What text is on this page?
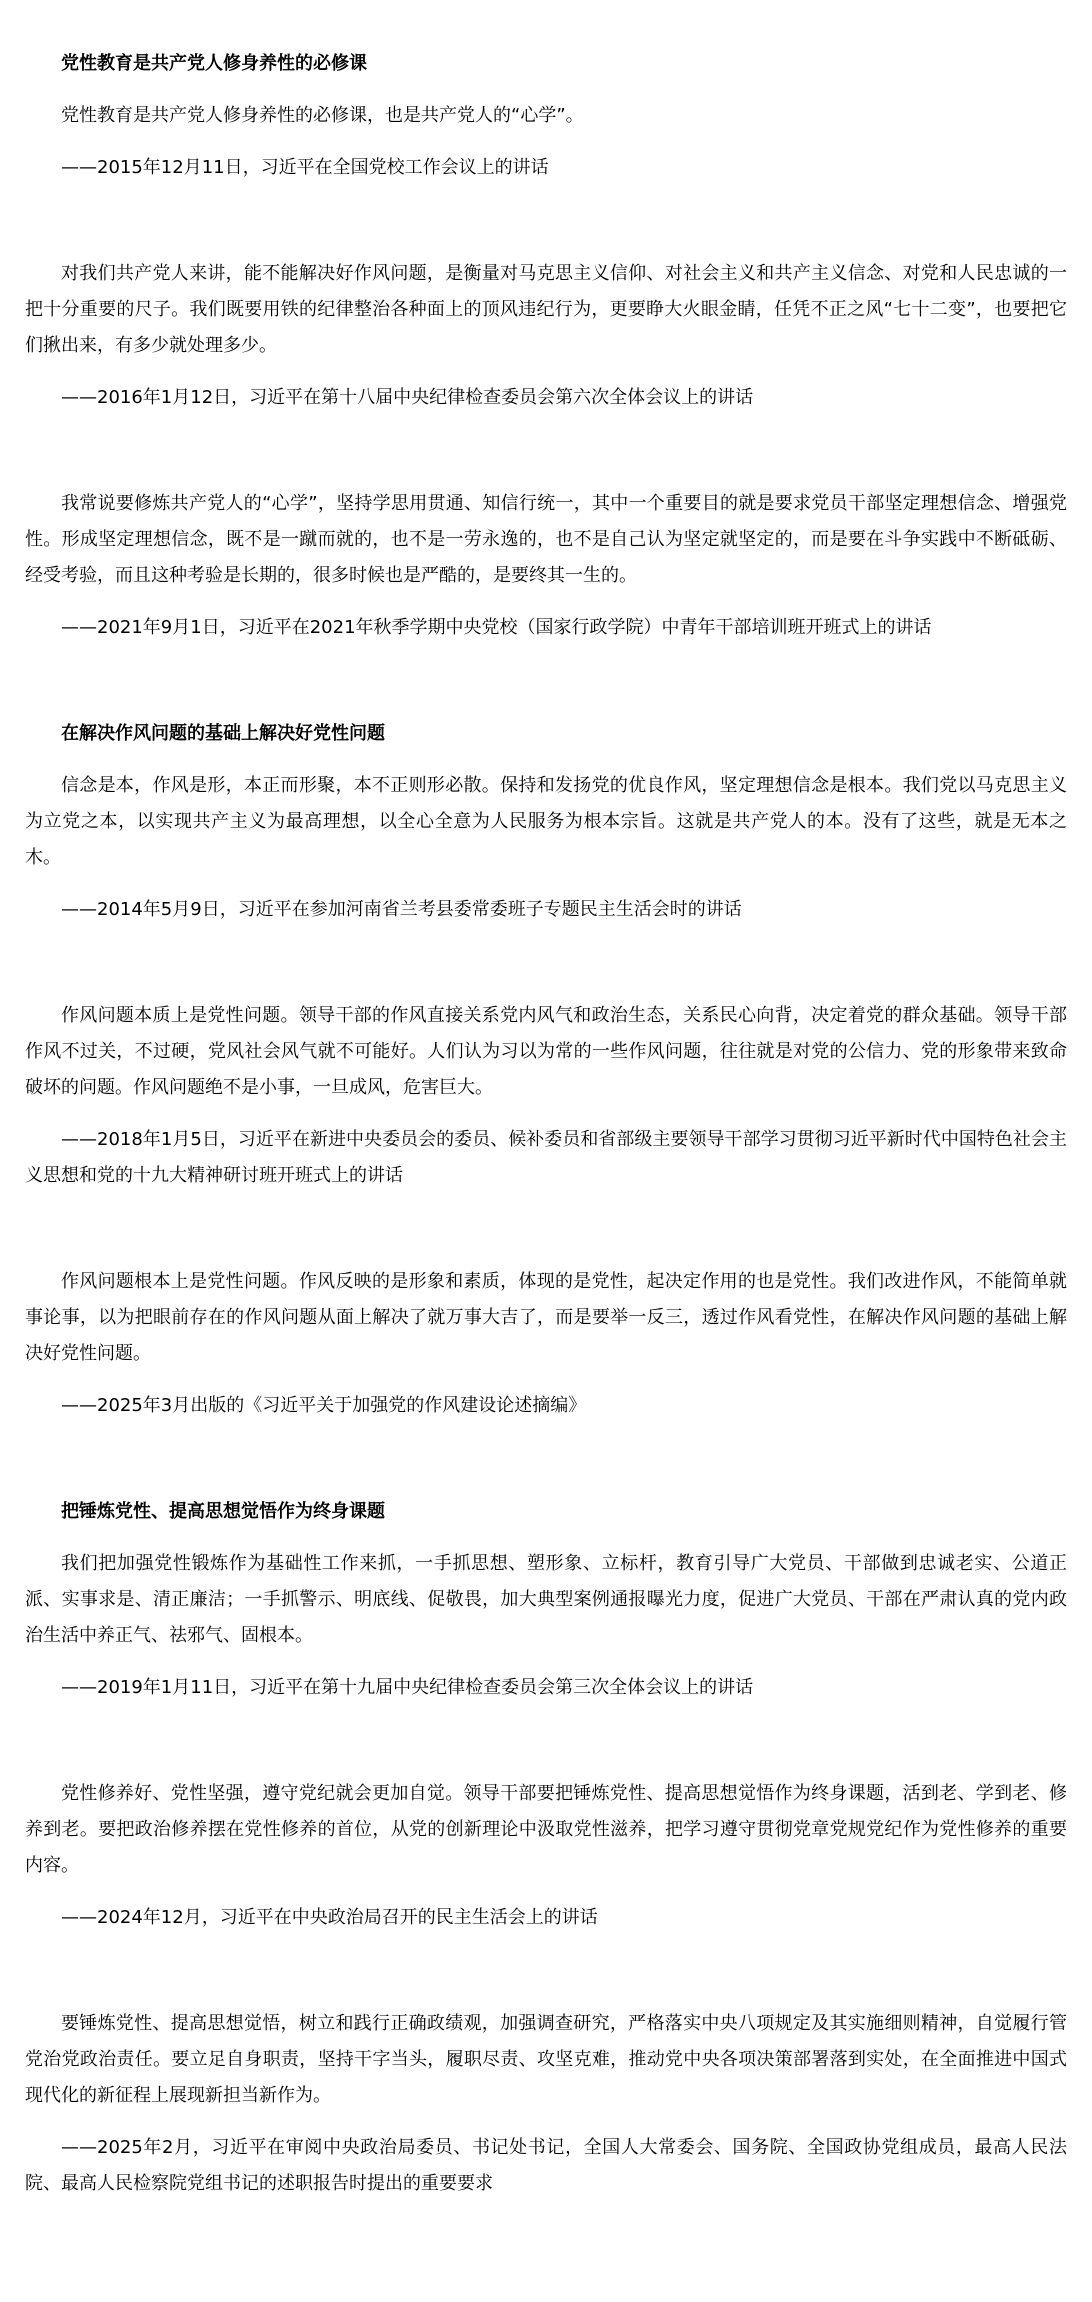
党性教育是共产党人修身养性的必修课

党性教育是共产党人修身养性的必修课，也是共产党人的“心学”。

——2015年12月11日，习近平在全国党校工作会议上的讲话

对我们共产党人来讲，能不能解决好作风问题，是衡量对马克思主义信仰、对社会主义和共产主义信念、对党和人民忠诚的一把十分重要的尺子。我们既要用铁的纪律整治各种面上的顶风违纪行为，更要睁大火眼金睛，任凭不正之风“七十二变”，也要把它们揪出来，有多少就处理多少。

——2016年1月12日，习近平在第十八届中央纪律检查委员会第六次全体会议上的讲话

我常说要修炼共产党人的“心学”，坚持学思用贯通、知信行统一，其中一个重要目的就是要求党员干部坚定理想信念、增强党性。形成坚定理想信念，既不是一蹴而就的，也不是一劳永逸的，也不是自己认为坚定就坚定的，而是要在斗争实践中不断砥砺、经受考验，而且这种考验是长期的，很多时候也是严酷的，是要终其一生的。

——2021年9月1日，习近平在2021年秋季学期中央党校（国家行政学院）中青年干部培训班开班式上的讲话

在解决作风问题的基础上解决好党性问题

信念是本，作风是形，本正而形聚，本不正则形必散。保持和发扬党的优良作风，坚定理想信念是根本。我们党以马克思主义为立党之本，以实现共产主义为最高理想，以全心全意为人民服务为根本宗旨。这就是共产党人的本。没有了这些，就是无本之木。

——2014年5月9日，习近平在参加河南省兰考县委常委班子专题民主生活会时的讲话

作风问题本质上是党性问题。领导干部的作风直接关系党内风气和政治生态，关系民心向背，决定着党的群众基础。领导干部作风不过关，不过硬，党风社会风气就不可能好。人们认为习以为常的一些作风问题，往往就是对党的公信力、党的形象带来致命破坏的问题。作风问题绝不是小事，一旦成风，危害巨大。

——2018年1月5日，习近平在新进中央委员会的委员、候补委员和省部级主要领导干部学习贯彻习近平新时代中国特色社会主义思想和党的十九大精神研讨班开班式上的讲话

作风问题根本上是党性问题。作风反映的是形象和素质，体现的是党性，起决定作用的也是党性。我们改进作风，不能简单就事论事，以为把眼前存在的作风问题从面上解决了就万事大吉了，而是要举一反三，透过作风看党性，在解决作风问题的基础上解决好党性问题。

——2025年3月出版的《习近平关于加强党的作风建设论述摘编》

把锤炼党性、提高思想觉悟作为终身课题

我们把加强党性锻炼作为基础性工作来抓，一手抓思想、塑形象、立标杆，教育引导广大党员、干部做到忠诚老实、公道正派、实事求是、清正廉洁；一手抓警示、明底线、促敬畏，加大典型案例通报曝光力度，促进广大党员、干部在严肃认真的党内政治生活中养正气、祛邪气、固根本。

——2019年1月11日，习近平在第十九届中央纪律检查委员会第三次全体会议上的讲话

党性修养好、党性坚强，遵守党纪就会更加自觉。领导干部要把锤炼党性、提高思想觉悟作为终身课题，活到老、学到老、修养到老。要把政治修养摆在党性修养的首位，从党的创新理论中汲取党性滋养，把学习遵守贯彻党章党规党纪作为党性修养的重要内容。

——2024年12月，习近平在中央政治局召开的民主生活会上的讲话

要锤炼党性、提高思想觉悟，树立和践行正确政绩观，加强调查研究，严格落实中央八项规定及其实施细则精神，自觉履行管党治党政治责任。要立足自身职责，坚持干字当头，履职尽责、攻坚克难，推动党中央各项决策部署落到实处，在全面推进中国式现代化的新征程上展现新担当新作为。

——2025年2月，习近平在审阅中央政治局委员、书记处书记，全国人大常委会、国务院、全国政协党组成员，最高人民法院、最高人民检察院党组书记的述职报告时提出的重要要求
